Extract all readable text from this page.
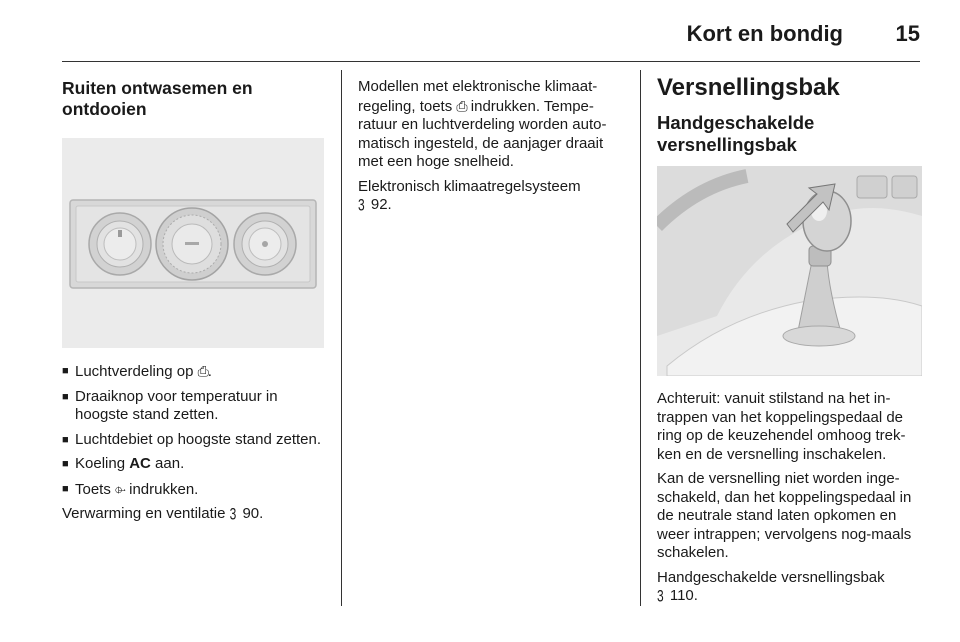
Kort en bondig 15
Ruiten ontwasemen en ontdooien
■ Luchtverdeling op ⎙.
■ Draaiknop voor temperatuur in hoogste stand zetten.
■ Luchtdebiet op hoogste stand zetten.
■ Koeling AC aan.
■ Toets ⌱ indrukken.

Verwarming en ventilatie 3 90.

Modellen met elektronische klimaat-regeling, toets ⎙ indrukken. Tempe-ratuur en luchtverdeling worden auto-matisch ingesteld, de aanjager draait met een hoge snelheid.

Elektronisch klimaatregelsysteem
3 92.

Versnellingsbak
Handgeschakelde versnellingsbak

Achteruit: vanuit stilstand na het in-trappen van het koppelingspedaal de ring op de keuzehendel omhoog trek-ken en de versnelling inschakelen.

Kan de versnelling niet worden inge-schakeld, dan het koppelingspedaal in de neutrale stand laten opkomen en weer intrappen; vervolgens nog-maals schakelen.

Handgeschakelde versnellingsbak
3 110.
